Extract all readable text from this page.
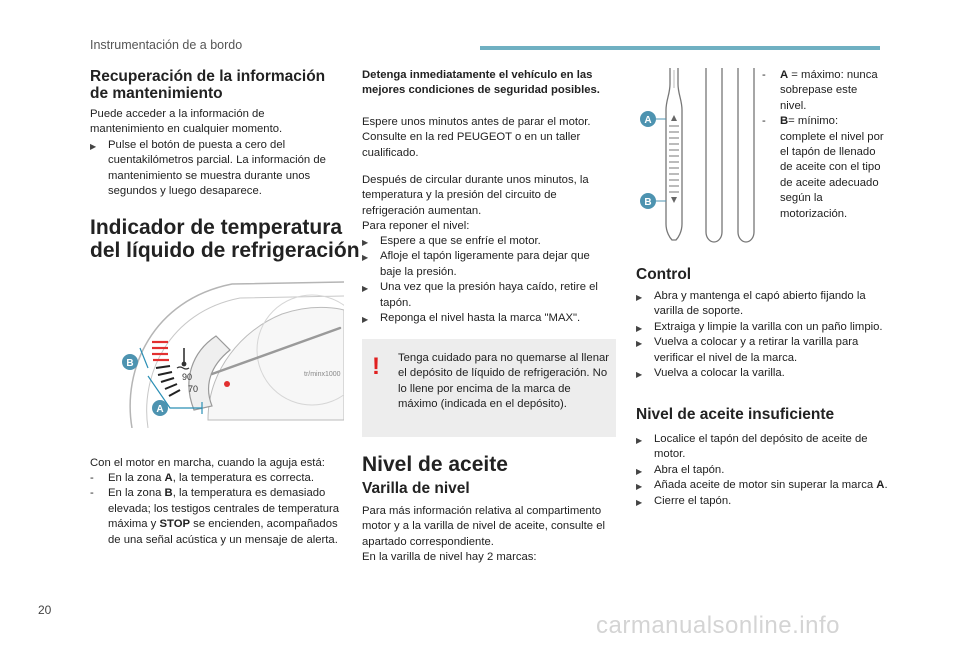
Instrumentación de a bordo
Recuperación de la información de mantenimiento

Puede acceder a la información de mantenimiento en cualquier momento.

▶ Pulse el botón de puesta a cero del cuentakilómetros parcial. La información de mantenimiento se muestra durante unos segundos y luego desaparece.
Indicador de temperatura del líquido de refrigeración
90
70
tr/minx1000
B
A

Con el motor en marcha, cuando la aguja está:

- En la zona A, la temperatura es correcta.
- En la zona B, la temperatura es demasiado elevada; los testigos centrales de temperatura máxima y STOP se encienden, acompañados de una señal acústica y un mensaje de alerta.

Detenga inmediatamente el vehículo en las mejores condiciones de seguridad posibles.

Espere unos minutos antes de parar el motor. Consulte en la red PEUGEOT o en un taller cualificado.

Después de circular durante unos minutos, la temperatura y la presión del circuito de refrigeración aumentan.

Para reponer el nivel:

▶ Espere a que se enfríe el motor.
▶ Afloje el tapón ligeramente para dejar que baje la presión.
▶ Una vez que la presión haya caído, retire el tapón.
▶ Reponga el nivel hasta la marca "MAX".
! Tenga cuidado para no quemarse al llenar el depósito de líquido de refrigeración. No lo llene por encima de la marca de máximo (indicada en el depósito).

Nivel de aceite
Varilla de nivel

Para más información relativa al compartimento motor y a la varilla de nivel de aceite, consulte el apartado correspondiente.

En la varilla de nivel hay 2 marcas:

A
B
- A = máximo: nunca sobrepase este nivel.
- B= mínimo: complete el nivel por el tapón de llenado de aceite con el tipo de aceite adecuado según la motorización.
Control
▶ Abra y mantenga el capó abierto fijando la varilla de soporte.
▶ Extraiga y limpie la varilla con un paño limpio.
▶ Vuelva a colocar y a retirar la varilla para verificar el nivel de la marca.
▶ Vuelva a colocar la varilla.
Nivel de aceite insuficiente
▶ Localice el tapón del depósito de aceite de motor.
▶ Abra el tapón.
▶ Añada aceite de motor sin superar la marca A.
▶ Cierre el tapón.
20
carmanualsonline.info
